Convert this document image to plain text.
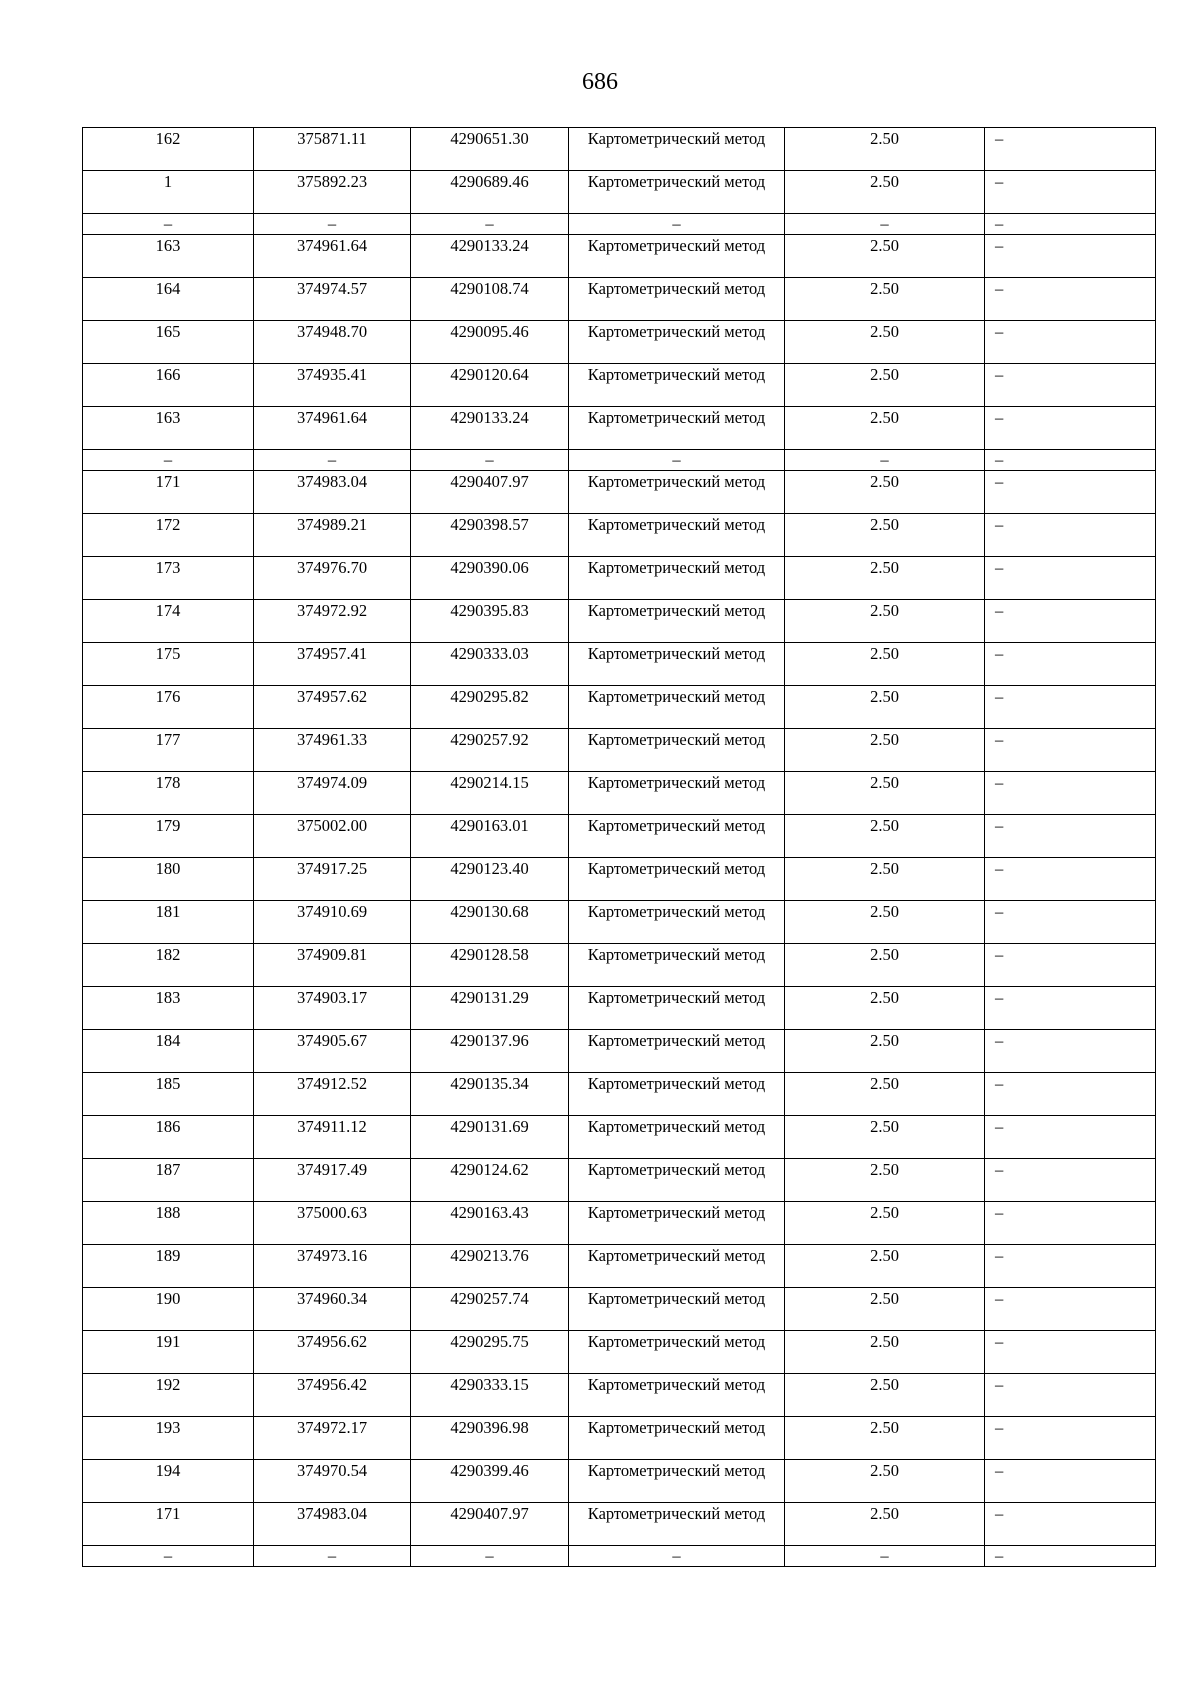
686
162	375871.11	4290651.30	Картометрический метод	2.50	–
1	375892.23	4290689.46	Картометрический метод	2.50	–
–	–	–	–	–	–
163	374961.64	4290133.24	Картометрический метод	2.50	–
164	374974.57	4290108.74	Картометрический метод	2.50	–
165	374948.70	4290095.46	Картометрический метод	2.50	–
166	374935.41	4290120.64	Картометрический метод	2.50	–
163	374961.64	4290133.24	Картометрический метод	2.50	–
–	–	–	–	–	–
171	374983.04	4290407.97	Картометрический метод	2.50	–
172	374989.21	4290398.57	Картометрический метод	2.50	–
173	374976.70	4290390.06	Картометрический метод	2.50	–
174	374972.92	4290395.83	Картометрический метод	2.50	–
175	374957.41	4290333.03	Картометрический метод	2.50	–
176	374957.62	4290295.82	Картометрический метод	2.50	–
177	374961.33	4290257.92	Картометрический метод	2.50	–
178	374974.09	4290214.15	Картометрический метод	2.50	–
179	375002.00	4290163.01	Картометрический метод	2.50	–
180	374917.25	4290123.40	Картометрический метод	2.50	–
181	374910.69	4290130.68	Картометрический метод	2.50	–
182	374909.81	4290128.58	Картометрический метод	2.50	–
183	374903.17	4290131.29	Картометрический метод	2.50	–
184	374905.67	4290137.96	Картометрический метод	2.50	–
185	374912.52	4290135.34	Картометрический метод	2.50	–
186	374911.12	4290131.69	Картометрический метод	2.50	–
187	374917.49	4290124.62	Картометрический метод	2.50	–
188	375000.63	4290163.43	Картометрический метод	2.50	–
189	374973.16	4290213.76	Картометрический метод	2.50	–
190	374960.34	4290257.74	Картометрический метод	2.50	–
191	374956.62	4290295.75	Картометрический метод	2.50	–
192	374956.42	4290333.15	Картометрический метод	2.50	–
193	374972.17	4290396.98	Картометрический метод	2.50	–
194	374970.54	4290399.46	Картометрический метод	2.50	–
171	374983.04	4290407.97	Картометрический метод	2.50	–
–	–	–	–	–	–
